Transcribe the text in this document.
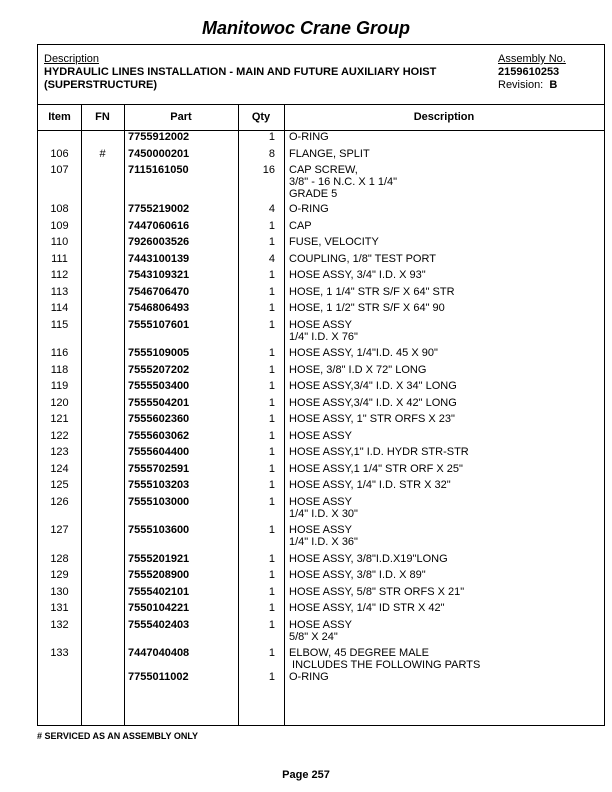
Manitowoc Crane Group
Description
HYDRAULIC LINES INSTALLATION - MAIN AND FUTURE AUXILIARY HOIST
(SUPERSTRUCTURE)
Assembly No.
2159610253
Revision: B
Item	FN	Part	Qty	Description
7755912002	1 O-RING
106	#	7450000201	8 FLANGE, SPLIT
107	7115161050	16 CAP SCREW,
3/8" - 16 N.C. X 1 1/4"
GRADE 5
108	7755219002	4 O-RING
109	7447060616	1 CAP
110	7926003526	1 FUSE, VELOCITY
111	7443100139	4 COUPLING, 1/8" TEST PORT
112	7543109321	1 HOSE ASSY, 3/4" I.D. X 93"
113	7546706470	1 HOSE, 1 1/4" STR S/F X 64" STR
114	7546806493	1 HOSE, 1 1/2" STR S/F X 64" 90
115	7555107601	1 HOSE ASSY
1/4" I.D. X 76"
116	7555109005	1 HOSE ASSY, 1/4"I.D. 45 X 90"
118	7555207202	1 HOSE, 3/8" I.D X 72" LONG
119	7555503400	1 HOSE ASSY,3/4" I.D. X 34" LONG
120	7555504201	1 HOSE ASSY,3/4" I.D. X 42" LONG
121	7555602360	1 HOSE ASSY, 1" STR ORFS X 23"
122	7555603062	1 HOSE ASSY
123	7555604400	1 HOSE ASSY,1" I.D. HYDR STR-STR
124	7555702591	1 HOSE ASSY,1 1/4" STR ORF X 25"
125	7555103203	1 HOSE ASSY, 1/4" I.D. STR X 32"
126	7555103000	1 HOSE ASSY
1/4" I.D. X 30"
127	7555103600	1 HOSE ASSY
1/4" I.D. X 36"
128	7555201921	1 HOSE ASSY, 3/8"I.D.X19"LONG
129	7555208900	1 HOSE ASSY, 3/8" I.D. X 89"
130	7555402101	1 HOSE ASSY, 5/8" STR ORFS X 21"
131	7550104221	1 HOSE ASSY, 1/4" ID STR X 42"
132	7555402403	1 HOSE ASSY
5/8" X 24"
133	7447040408	1 ELBOW, 45 DEGREE MALE
INCLUDES THE FOLLOWING PARTS
7755011002	1 O-RING
# SERVICED AS AN ASSEMBLY ONLY
Page 257
